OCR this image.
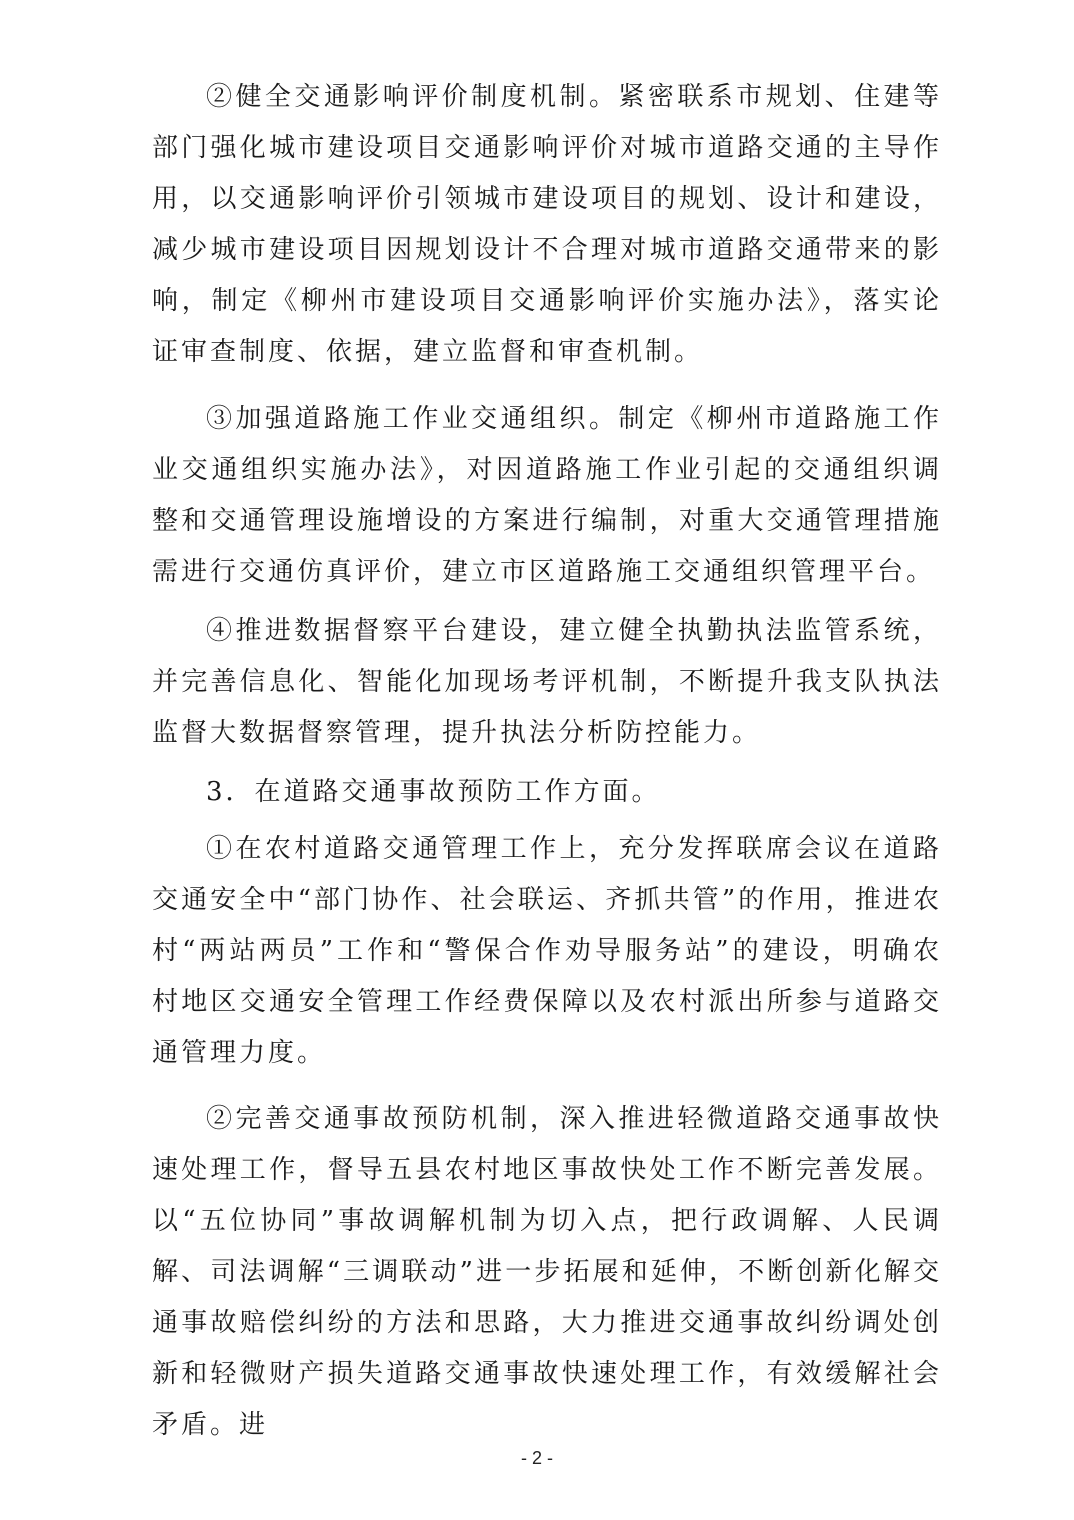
②健全交通影响评价制度机制。紧密联系市规划、住建等部门强化城市建设项目交通影响评价对城市道路交通的主导作用，以交通影响评价引领城市建设项目的规划、设计和建设，减少城市建设项目因规划设计不合理对城市道路交通带来的影响，制定《柳州市建设项目交通影响评价实施办法》，落实论证审查制度、依据，建立监督和审查机制。

③加强道路施工作业交通组织。制定《柳州市道路施工作业交通组织实施办法》，对因道路施工作业引起的交通组织调整和交通管理设施增设的方案进行编制，对重大交通管理措施需进行交通仿真评价，建立市区道路施工交通组织管理平台。

④推进数据督察平台建设，建立健全执勤执法监管系统，并完善信息化、智能化加现场考评机制，不断提升我支队执法监督大数据督察管理，提升执法分析防控能力。

3．在道路交通事故预防工作方面。

①在农村道路交通管理工作上，充分发挥联席会议在道路交通安全中“部门协作、社会联运、齐抓共管”的作用，推进农村“两站两员”工作和“警保合作劝导服务站”的建设，明确农村地区交通安全管理工作经费保障以及农村派出所参与道路交通管理力度。

②完善交通事故预防机制，深入推进轻微道路交通事故快速处理工作，督导五县农村地区事故快处工作不断完善发展。以“五位协同”事故调解机制为切入点，把行政调解、人民调解、司法调解“三调联动”进一步拓展和延伸，不断创新化解交通事故赔偿纠纷的方法和思路，大力推进交通事故纠纷调处创新和轻微财产损失道路交通事故快速处理工作，有效缓解社会矛盾。进

- 2 -
